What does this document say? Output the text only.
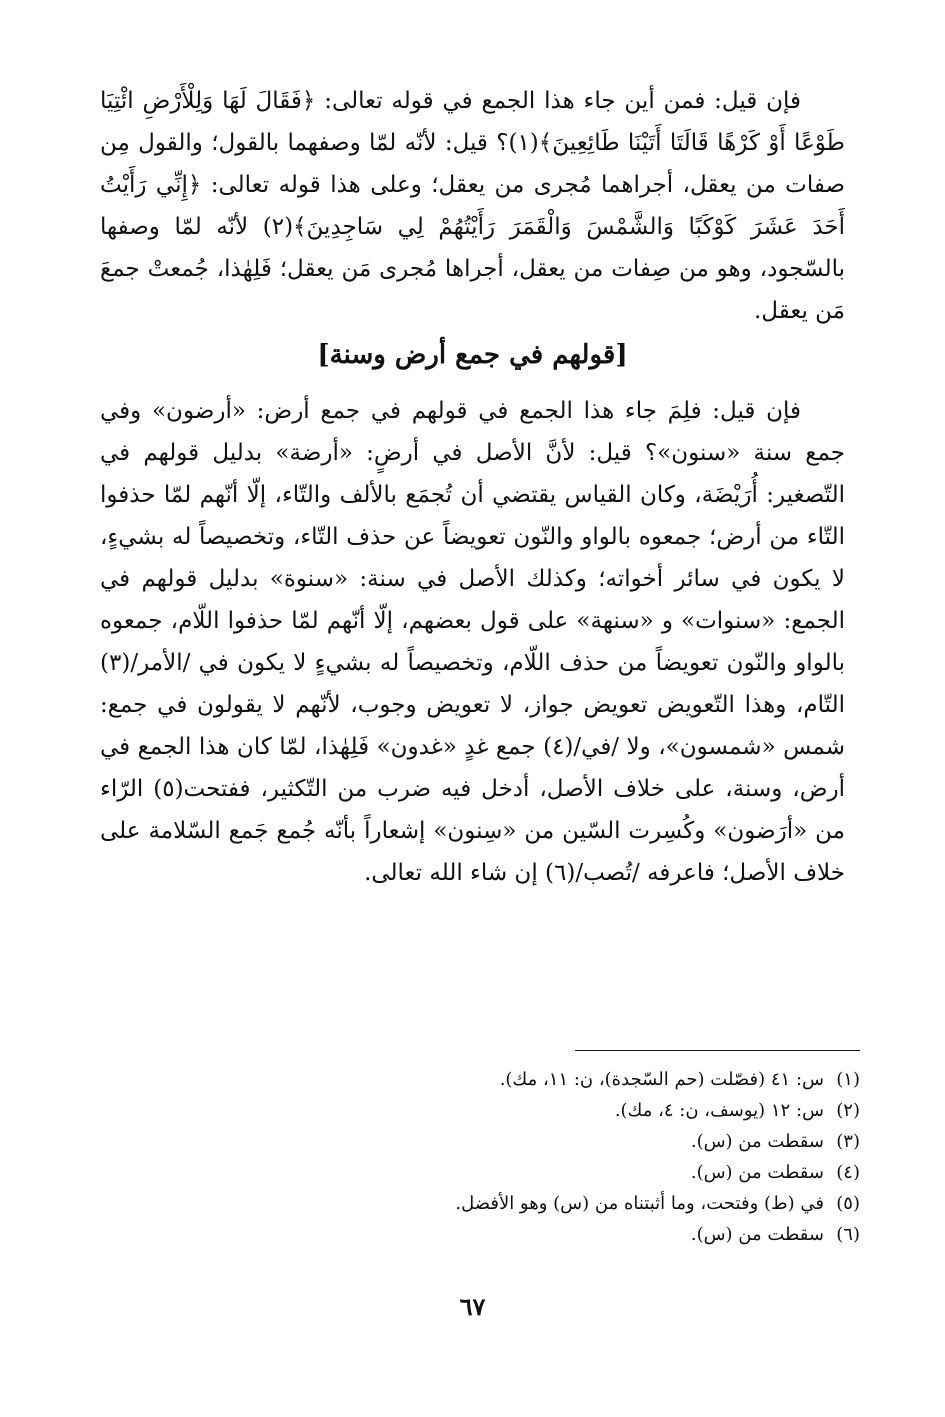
فإن قيل: فمن أين جاء هذا الجمع في قوله تعالى: ﴿فَقَالَ لَهَا وَلِلْأَرْضِ ائْتِيَا طَوْعًا أَوْ كَرْهًا قَالَتَا أَتَيْنَا طَائِعِينَ﴾(١)؟ قيل: لأنّه لمّا وصفهما بالقول؛ والقول مِن صفات من يعقل، أجراهما مُجرى من يعقل؛ وعلى هذا قوله تعالى: ﴿إِنِّي رَأَيْتُ أَحَدَ عَشَرَ كَوْكَبًا وَالشَّمْسَ وَالْقَمَرَ رَأَيْتُهُمْ لِي سَاجِدِينَ﴾(٢) لأنّه لمّا وصفها بالسّجود، وهو من صِفات من يعقل، أجراها مُجرى مَن يعقل؛ فَلِهٰذا، جُمعتْ جمعَ مَن يعقل.

[قولهم في جمع أرض وسنة]

فإن قيل: فلِمَ جاء هذا الجمع في قولهم في جمع أرض: «أرضون» وفي جمع سنة «سنون»؟ قيل: لأنَّ الأصل في أرضٍ: «أرضة» بدليل قولهم في التّصغير: أُرَيْضَة، وكان القياس يقتضي أن تُجمَع بالألف والتّاء، إلّا أنّهم لمّا حذفوا التّاء من أرض؛ جمعوه بالواو والنّون تعويضاً عن حذف التّاء، وتخصيصاً له بشيءٍ، لا يكون في سائر أخواته؛ وكذلك الأصل في سنة: «سنوة» بدليل قولهم في الجمع: «سنوات» و «سنهة» على قول بعضهم، إلّا أنّهم لمّا حذفوا اللّام، جمعوه بالواو والنّون تعويضاً من حذف اللّام، وتخصيصاً له بشيءٍ لا يكون في /الأمر/(٣) التّام، وهذا التّعويض تعويض جواز، لا تعويض وجوب، لأنّهم لا يقولون في جمع: شمس «شمسون»، ولا /في/(٤) جمع غدٍ «غدون» فَلِهٰذا، لمّا كان هذا الجمع في أرض، وسنة، على خلاف الأصل، أدخل فيه ضرب من التّكثير، ففتحت(٥) الرّاء من «أرَضون» وكُسِرت السّين من «سِنون» إشعاراً بأنّه جُمع جَمع السّلامة على خلاف الأصل؛ فاعرفه /تُصب/(٦) إن شاء الله تعالى.

(١)
س: ٤١ (فصّلت (حم السّجدة)، ن: ١١، مك).
(٢)
س: ١٢ (يوسف، ن: ٤، مك).
(٣)
سقطت من (س).
(٤)
سقطت من (س).
(٥)
في (ط) وفتحت، وما أثبتناه من (س) وهو الأفضل.
(٦)
سقطت من (س).
٦٧
